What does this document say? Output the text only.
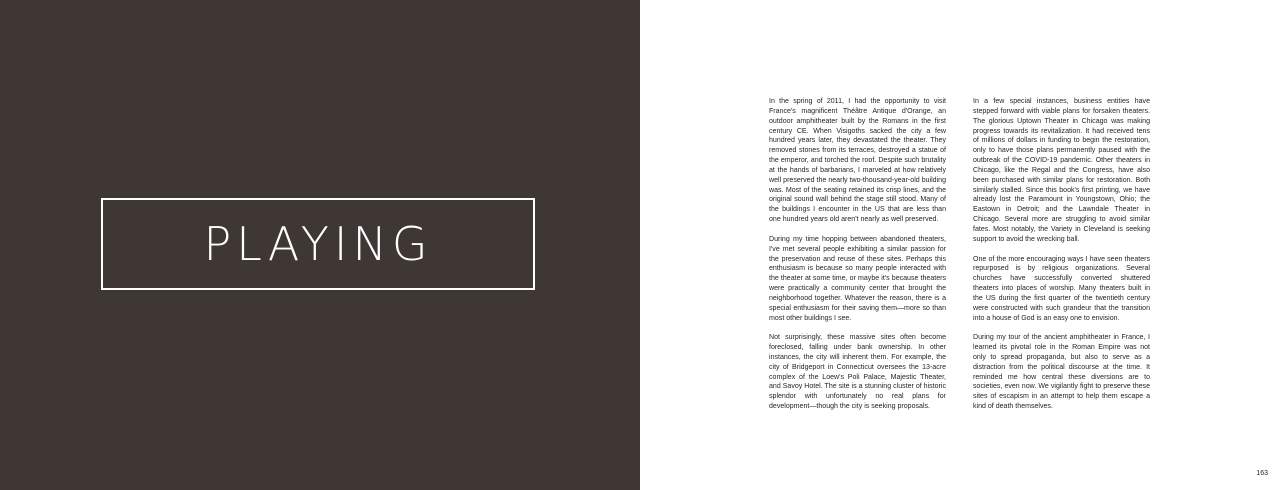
PLAYING

In the spring of 2011, I had the opportunity to visit France's magnificent Théâtre Antique d'Orange, an outdoor amphitheater built by the Romans in the first century CE. When Visigoths sacked the city a few hundred years later, they devastated the theater. They removed stones from its terraces, destroyed a statue of the emperor, and torched the roof. Despite such brutality at the hands of barbarians, I marveled at how relatively well preserved the nearly two-thousand-year-old building was. Most of the seating retained its crisp lines, and the original sound wall behind the stage still stood. Many of the buildings I encounter in the US that are less than one hundred years old aren't nearly as well preserved.

During my time hopping between abandoned theaters, I've met several people exhibiting a similar passion for the preservation and reuse of these sites. Perhaps this enthusiasm is because so many people interacted with the theater at some time, or maybe it's because theaters were practically a community center that brought the neighborhood together. Whatever the reason, there is a special enthusiasm for their saving them—more so than most other buildings I see.

Not surprisingly, these massive sites often become foreclosed, falling under bank ownership. In other instances, the city will inherent them. For example, the city of Bridgeport in Connecticut oversees the 13-acre complex of the Loew's Poli Palace, Majestic Theater, and Savoy Hotel. The site is a stunning cluster of historic splendor with unfortunately no real plans for development—though the city is seeking proposals.

In a few special instances, business entities have stepped forward with viable plans for forsaken theaters. The glorious Uptown Theater in Chicago was making progress towards its revitalization. It had received tens of millions of dollars in funding to begin the restoration, only to have those plans permanently paused with the outbreak of the COVID-19 pandemic. Other theaters in Chicago, like the Regal and the Congress, have also been purchased with similar plans for restoration. Both similarly stalled. Since this book's first printing, we have already lost the Paramount in Youngstown, Ohio; the Eastown in Detroit; and the Lawndale Theater in Chicago. Several more are struggling to avoid similar fates. Most notably, the Variety in Cleveland is seeking support to avoid the wrecking ball.

One of the more encouraging ways I have seen theaters repurposed is by religious organizations. Several churches have successfully converted shuttered theaters into places of worship. Many theaters built in the US during the first quarter of the twentieth century were constructed with such grandeur that the transition into a house of God is an easy one to envision.

During my tour of the ancient amphitheater in France, I learned its pivotal role in the Roman Empire was not only to spread propaganda, but also to serve as a distraction from the political discourse at the time. It reminded me how central these diversions are to societies, even now. We vigilantly fight to preserve these sites of escapism in an attempt to help them escape a kind of death themselves.

163
